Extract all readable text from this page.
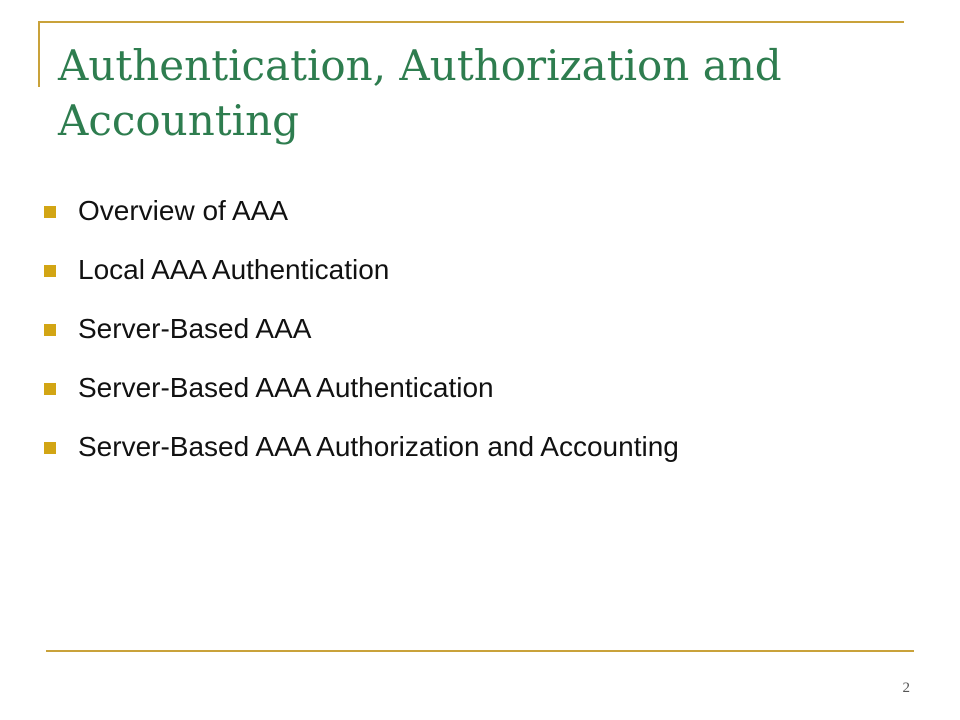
Authentication, Authorization and Accounting
Overview of AAA
Local AAA Authentication
Server-Based AAA
Server-Based AAA Authentication
Server-Based AAA Authorization and Accounting
2
